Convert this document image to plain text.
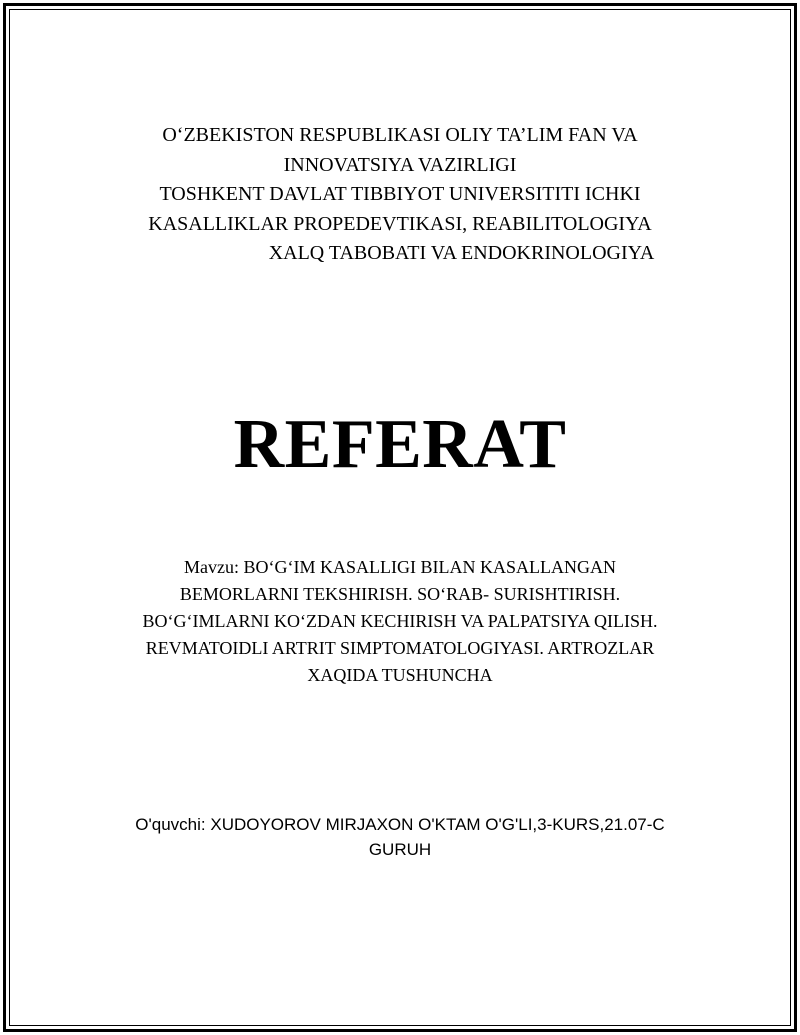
O‘ZBEKISTON RESPUBLIKASI OLIY TA’LIM FAN VA
INNOVATSIYA VAZIRLIGI
TOSHKENT DAVLAT TIBBIYOT UNIVERSITITI ICHKI
KASALLIKLAR PROPEDEVTIKASI, REABILITOLOGIYA
XALQ TABOBATI VA ENDOKRINOLOGIYA
REFERAT
Mavzu: BO‘G‘IM KASALLIGI BILAN KASALLANGAN
BEMORLARNI TEKSHIRISH. SO‘RAB- SURISHTIRISH.
BO‘G‘IMLARNI KO‘ZDAN KECHIRISH VA PALPATSIYA QILISH.
REVMATOIDLI ARTRIT SIMPTOMATOLOGIYASI. ARTROZLAR
XAQIDA TUSHUNCHA
O'quvchi: XUDOYOROV MIRJAXON O'KTAM O'G'LI,3-KURS,21.07-C
GURUH
